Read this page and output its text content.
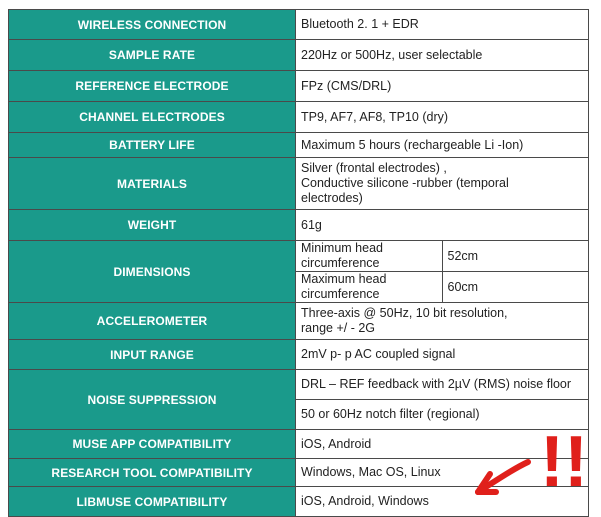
WIRELESS CONNECTION	Bluetooth 2. 1 + EDR	
SAMPLE RATE	220Hz or 500Hz, user selectable	
REFERENCE ELECTRODE	FPz (CMS/DRL)	
CHANNEL ELECTRODES	TP9, AF7, AF8, TP10 (dry)	
BATTERY LIFE	Maximum 5 hours (rechargeable Li -Ion)	
MATERIALS	Silver (frontal electrodes) ,
Conductive silicone -rubber (temporal
electrodes)	

WEIGHT	61g	
DIMENSIONS	Minimum head circumference	52cm
	Maximum head circumference	60cm
ACCELEROMETER	Three-axis @ 50Hz, 10 bit resolution,
range +/ - 2G	

INPUT RANGE	2mV p- p AC coupled signal	
NOISE SUPPRESSION	DRL – REF feedback with 2µV (RMS) noise floor	
	50 or 60Hz notch filter (regional)	
MUSE APP COMPATIBILITY	iOS, Android	
RESEARCH TOOL COMPATIBILITY	Windows, Mac OS, Linux	
LIBMUSE COMPATIBILITY	iOS, Android, Windows	!!
